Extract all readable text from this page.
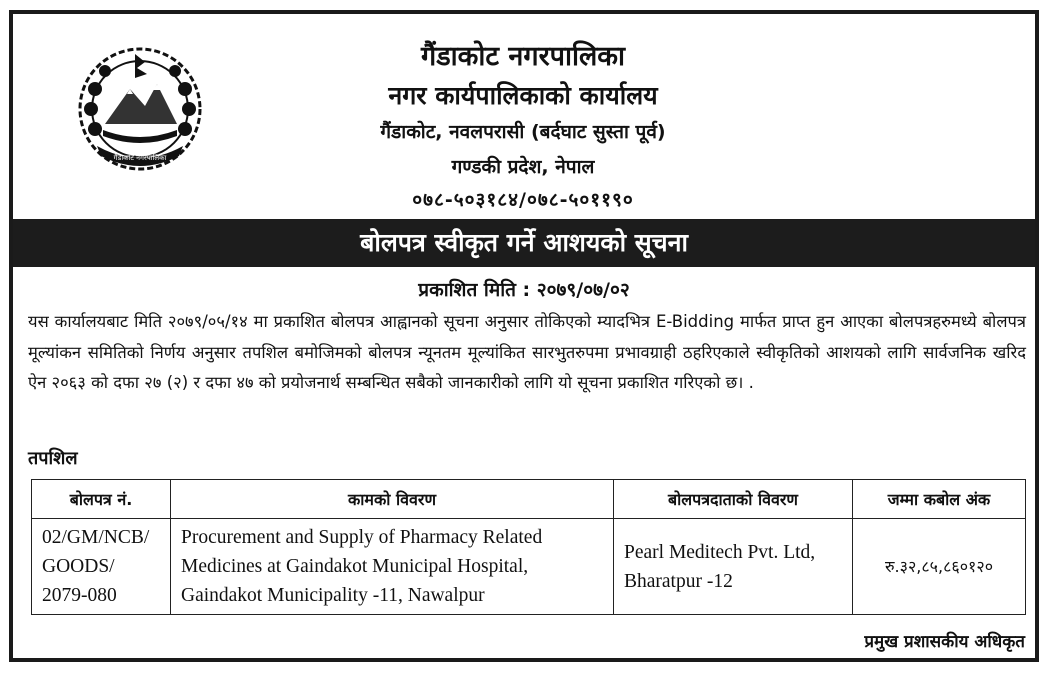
गैंडाकोट नगरपालिका
गैंडाकोट नगरपालिका
नगर कार्यपालिकाको कार्यालय
गैंडाकोट, नवलपरासी (बर्दघाट सुस्ता पूर्व)
गण्डकी प्रदेश, नेपाल
०७८-५०३१८४/०७८-५०११९०
बोलपत्र स्वीकृत गर्ने आशयको सूचना
प्रकाशित मिति : २०७९/०७/०२
यस कार्यालयबाट मिति २०७९/०५/१४ मा प्रकाशित बोलपत्र आह्वानको सूचना अनुसार तोकिएको म्यादभित्र E-Bidding मार्फत प्राप्त हुन आएका बोलपत्रहरुमध्ये बोलपत्र मूल्यांकन समितिको निर्णय अनुसार तपशिल बमोजिमको बोलपत्र न्यूनतम मूल्यांकित सारभुतरुपमा प्रभावग्राही ठहरिएकाले स्वीकृतिको आशयको लागि सार्वजनिक खरिद ऐन २०६३ को दफा २७ (२) र दफा ४७ को प्रयोजनार्थ सम्बन्धित सबैको जानकारीको लागि यो सूचना प्रकाशित गरिएको छ। .
तपशिल
बोलपत्र नं.	कामको विवरण	बोलपत्रदाताको विवरण	जम्मा कबोल अंक
02/GM/NCB/ GOODS/ 2079-080	Procurement and Supply of Pharmacy Related Medicines at Gaindakot Municipal Hospital, Gaindakot Municipality -11, Nawalpur	Pearl Meditech Pvt. Ltd, Bharatpur -12	रु.३२,८५,८६०१२०
प्रमुख प्रशासकीय अधिकृत
